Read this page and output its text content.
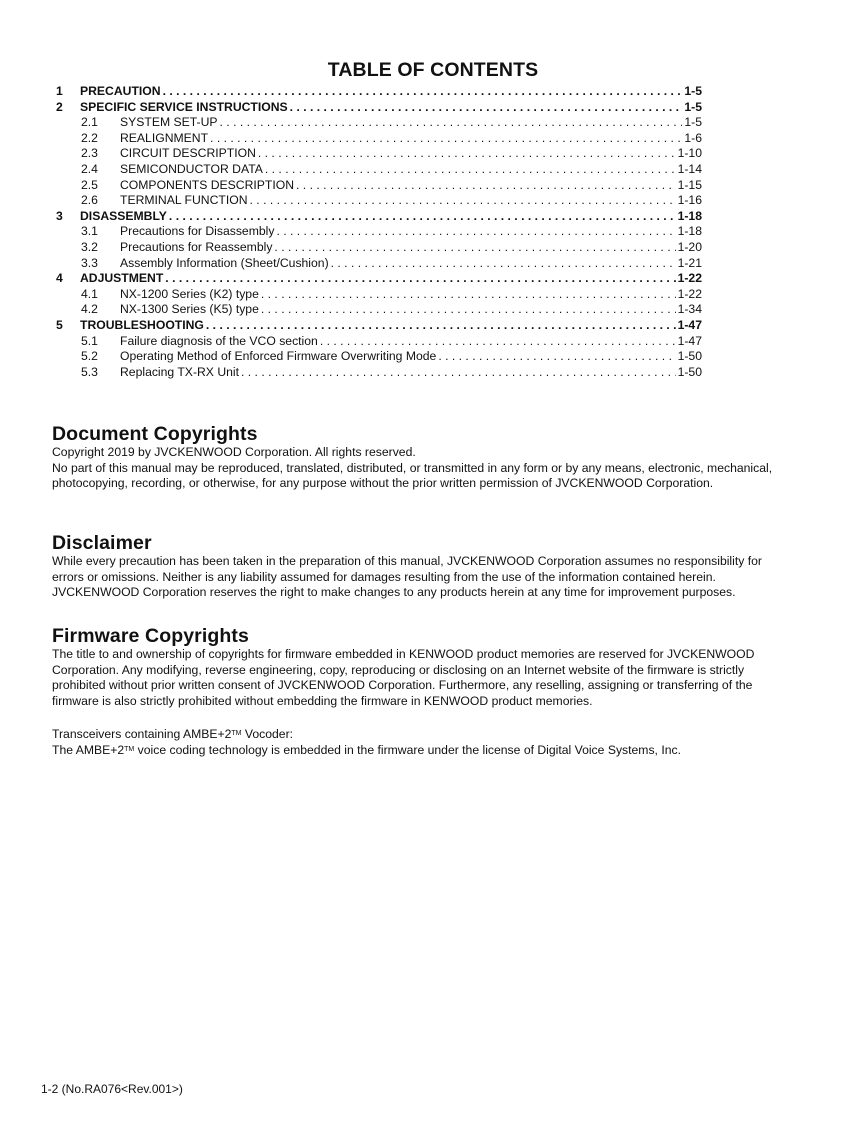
TABLE OF CONTENTS
1	PRECAUTION . . .	1-5
2	SPECIFIC SERVICE INSTRUCTIONS . . .	1-5
2.1	SYSTEM SET-UP . . .	1-5
2.2	REALIGNMENT . . .	1-6
2.3	CIRCUIT DESCRIPTION . . .	1-10
2.4	SEMICONDUCTOR DATA . . .	1-14
2.5	COMPONENTS DESCRIPTION . . .	1-15
2.6	TERMINAL FUNCTION . . .	1-16
3	DISASSEMBLY . . .	1-18
3.1	Precautions for Disassembly . . .	1-18
3.2	Precautions for Reassembly . . .	1-20
3.3	Assembly Information (Sheet/Cushion) . . .	1-21
4	ADJUSTMENT . . .	1-22
4.1	NX-1200 Series (K2) type . . .	1-22
4.2	NX-1300 Series (K5) type . . .	1-34
5	TROUBLESHOOTING . . .	1-47
5.1	Failure diagnosis of the VCO section . . .	1-47
5.2	Operating Method of Enforced Firmware Overwriting Mode . . .	1-50
5.3	Replacing TX-RX Unit . . .	1-50
Document Copyrights

Copyright 2019 by JVCKENWOOD Corporation. All rights reserved.

No part of this manual may be reproduced, translated, distributed, or transmitted in any form or by any means, electronic, mechanical, photocopying, recording, or otherwise, for any purpose without the prior written permission of JVCKENWOOD Corporation.

Disclaimer

While every precaution has been taken in the preparation of this manual, JVCKENWOOD Corporation assumes no responsibility for errors or omissions. Neither is any liability assumed for damages resulting from the use of the information contained herein. JVCKENWOOD Corporation reserves the right to make changes to any products herein at any time for improvement purposes.

Firmware Copyrights

The title to and ownership of copyrights for firmware embedded in KENWOOD product memories are reserved for JVCKENWOOD Corporation. Any modifying, reverse engineering, copy, reproducing or disclosing on an Internet website of the firmware is strictly prohibited without prior written consent of JVCKENWOOD Corporation. Furthermore, any reselling, assigning or transferring of the firmware is also strictly prohibited without embedding the firmware in KENWOOD product memories.

Transceivers containing AMBE+2™ Vocoder:

The AMBE+2™ voice coding technology is embedded in the firmware under the license of Digital Voice Systems, Inc.

1-2 (No.RA076<Rev.001>)
